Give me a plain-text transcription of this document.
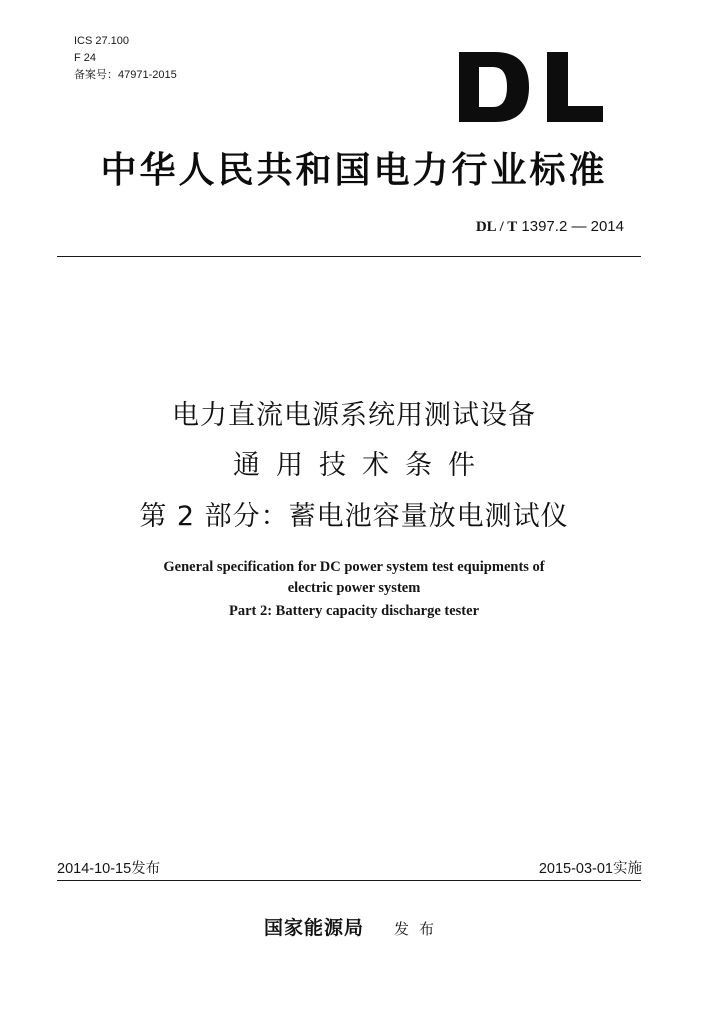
ICS 27.100
F 24
备案号：47971-2015
中华人民共和国电力行业标准
DL / T 1397.2 — 2014
电力直流电源系统用测试设备
通用技术条件
第 2 部分：蓄电池容量放电测试仪
General specification for DC power system test equipments of
electric power system
Part 2: Battery capacity discharge tester
2014-10-15发布	2015-03-01实施
国家能源局 发布
